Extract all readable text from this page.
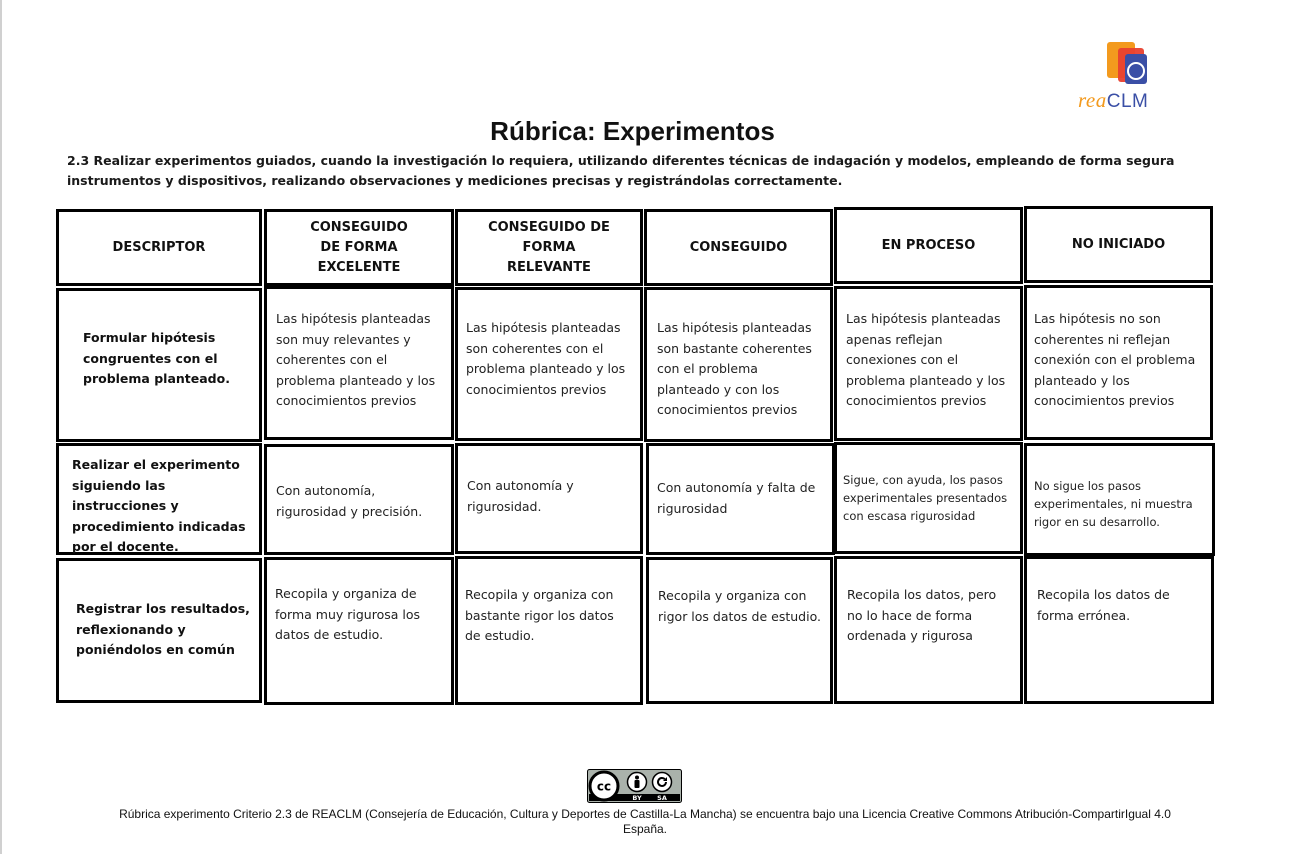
reaCLM
Rúbrica: Experimentos
2.3 Realizar experimentos guiados, cuando la investigación lo requiera, utilizando diferentes técnicas de indagación y modelos, empleando de forma segura instrumentos y dispositivos, realizando observaciones y mediciones precisas y registrándolas correctamente.
DESCRIPTOR
CONSEGUIDO
DE FORMA
EXCELENTE
CONSEGUIDO DE
FORMA
RELEVANTE
CONSEGUIDO	EN PROCESO	NO INICIADO
Formular hipótesis
congruentes con el
problema planteado.
Las hipótesis planteadas
son muy relevantes y
coherentes con el
problema planteado y los
conocimientos previos
Las hipótesis planteadas
son coherentes con el
problema planteado y los
conocimientos previos
Las hipótesis planteadas
son bastante coherentes
con el problema
planteado y con los
conocimientos previos
Las hipótesis planteadas
apenas reflejan
conexiones con el
problema planteado y los
conocimientos previos
Las hipótesis no son
coherentes ni reflejan
conexión con el problema
planteado y los
conocimientos previos
Realizar el experimento
siguiendo las
instrucciones y
procedimiento indicadas
por el docente.
Con autonomía,
rigurosidad y precisión.
Con autonomía y
rigurosidad.
Con autonomía y falta de
rigurosidad
Sigue, con ayuda, los pasos
experimentales presentados
con escasa rigurosidad
No sigue los pasos
experimentales, ni muestra
rigor en su desarrollo.
Registrar los resultados,
reflexionando y
poniéndolos en común
Recopila y organiza de
forma muy rigurosa los
datos de estudio.
Recopila y organiza con
bastante rigor los datos
de estudio.
Recopila y organiza con
rigor los datos de estudio.
Recopila los datos, pero
no lo hace de forma
ordenada y rigurosa
Recopila los datos de
forma errónea.
cc
BY SA
Rúbrica experimento Criterio 2.3 de REACLM (Consejería de Educación, Cultura y Deportes de Castilla-La Mancha) se encuentra bajo una Licencia Creative Commons Atribución-CompartirIgual 4.0 España.
